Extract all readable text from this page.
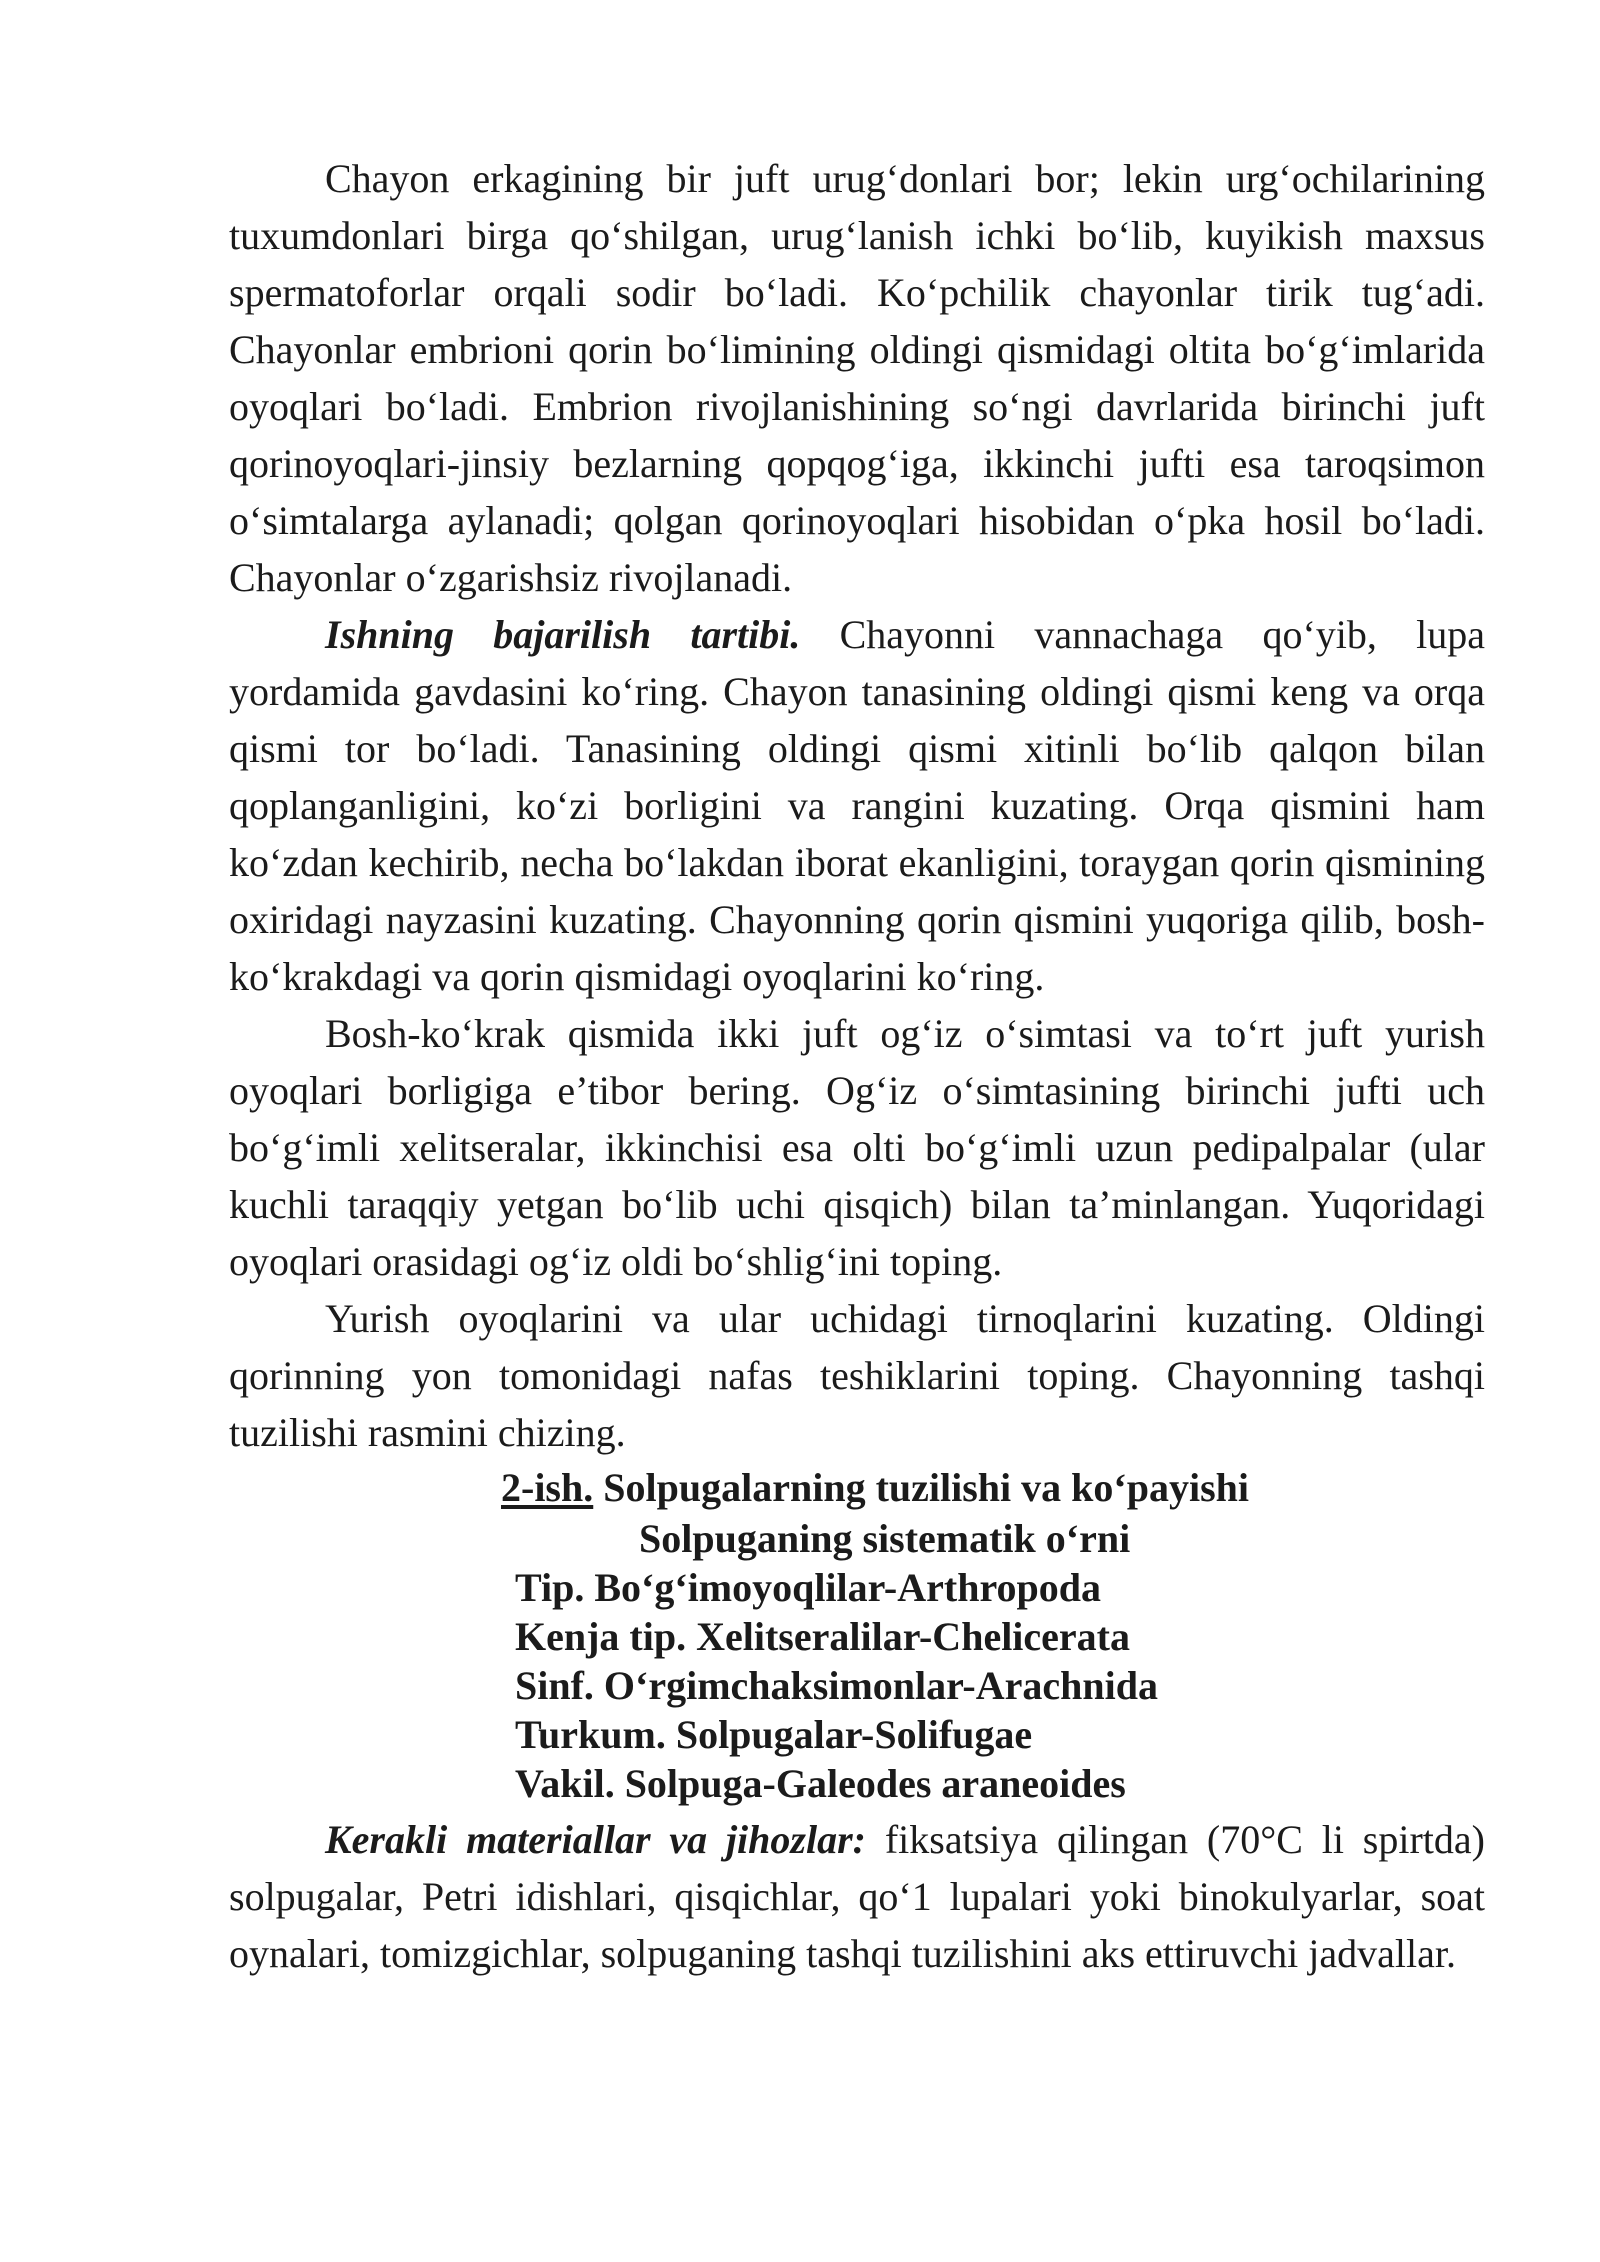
Chayon erkagining bir juft urug‘donlari bor; lekin urg‘ochilarining tuxumdonlari birga qo‘shilgan, urug‘lanish ichki bo‘lib, kuyikish maxsus spermatoforlar orqali sodir bo‘ladi. Ko‘pchilik chayonlar tirik tug‘adi. Chayonlar embrioni qorin bo‘limining oldingi qismidagi oltita bo‘g‘imlarida oyoqlari bo‘ladi. Embrion rivojlanishining so‘ngi davrlarida birinchi juft qorinoyoqlari-jinsiy bezlarning qopqog‘iga, ikkinchi jufti esa taroqsimon o‘simtalarga aylanadi; qolgan qorinoyoqlari hisobidan o‘pka hosil bo‘ladi. Chayonlar o‘zgarishsiz rivojlanadi.

Ishning bajarilish tartibi. Chayonni vannachaga qo‘yib, lupa yordamida gavdasini ko‘ring. Chayon tanasining oldingi qismi keng va orqa qismi tor bo‘ladi. Tanasining oldingi qismi xitinli bo‘lib qalqon bilan qoplanganligini, ko‘zi borligini va rangini kuzating. Orqa qismini ham ko‘zdan kechirib, necha bo‘lakdan iborat ekanligini, toraygan qorin qismining oxiridagi nayzasini kuzating. Chayonning qorin qismini yuqoriga qilib, bosh-ko‘krakdagi va qorin qismidagi oyoqlarini ko‘ring.

Bosh-ko‘krak qismida ikki juft og‘iz o‘simtasi va to‘rt juft yurish oyoqlari borligiga e’tibor bering. Og‘iz o‘simtasining birinchi jufti uch bo‘g‘imli xelitseralar, ikkinchisi esa olti bo‘g‘imli uzun pedipalpalar (ular kuchli taraqqiy yetgan bo‘lib uchi qisqich) bilan ta’minlangan. Yuqoridagi oyoqlari orasidagi og‘iz oldi bo‘shlig‘ini toping.

Yurish oyoqlarini va ular uchidagi tirnoqlarini kuzating. Oldingi qorinning yon tomonidagi nafas teshiklarini toping. Chayonning tashqi tuzilishi rasmini chizing.

2-ish. Solpugalarning tuzilishi va ko‘payishi
Solpuganing sistematik o‘rni
Tip. Bo‘g‘imoyoqlilar-Arthropoda
Kenja tip. Xelitseralilar-Chelicerata
Sinf. O‘rgimchaksimonlar-Arachnida
Turkum. Solpugalar-Solifugae
Vakil. Solpuga-Galeodes araneoides

Kerakli materiallar va jihozlar: fiksatsiya qilingan (70°C li spirtda) solpugalar, Petri idishlari, qisqichlar, qo‘1 lupalari yoki binokulyarlar, soat oynalari, tomizgichlar, solpuganing tashqi tuzilishini aks ettiruvchi jadvallar.
